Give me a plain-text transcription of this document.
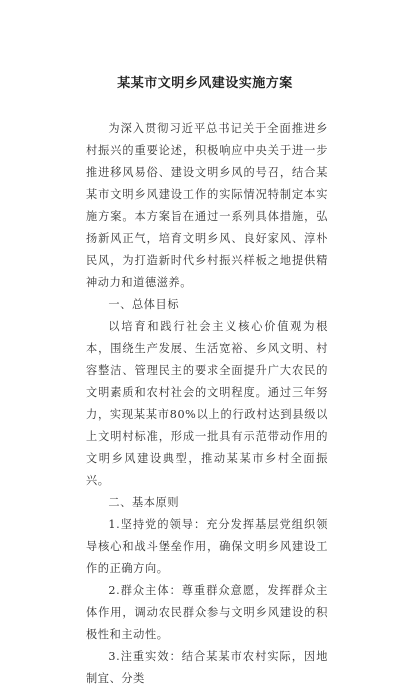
某某市文明乡风建设实施方案

为深入贯彻习近平总书记关于全面推进乡村振兴的重要论述，积极响应中央关于进一步推进移风易俗、建设文明乡风的号召，结合某某市文明乡风建设工作的实际情况特制定本实施方案。本方案旨在通过一系列具体措施，弘扬新风正气，培育文明乡风、良好家风、淳朴民风，为打造新时代乡村振兴样板之地提供精神动力和道德滋养。

一、总体目标

以培育和践行社会主义核心价值观为根本，围绕生产发展、生活宽裕、乡风文明、村容整洁、管理民主的要求全面提升广大农民的文明素质和农村社会的文明程度。通过三年努力，实现某某市80%以上的行政村达到县级以上文明村标准，形成一批具有示范带动作用的文明乡风建设典型，推动某某市乡村全面振兴。

二、基本原则

1.坚持党的领导：充分发挥基层党组织领导核心和战斗堡垒作用，确保文明乡风建设工作的正确方向。

2.群众主体：尊重群众意愿，发挥群众主体作用，调动农民群众参与文明乡风建设的积极性和主动性。

3.注重实效：结合某某市农村实际，因地制宜、分类
